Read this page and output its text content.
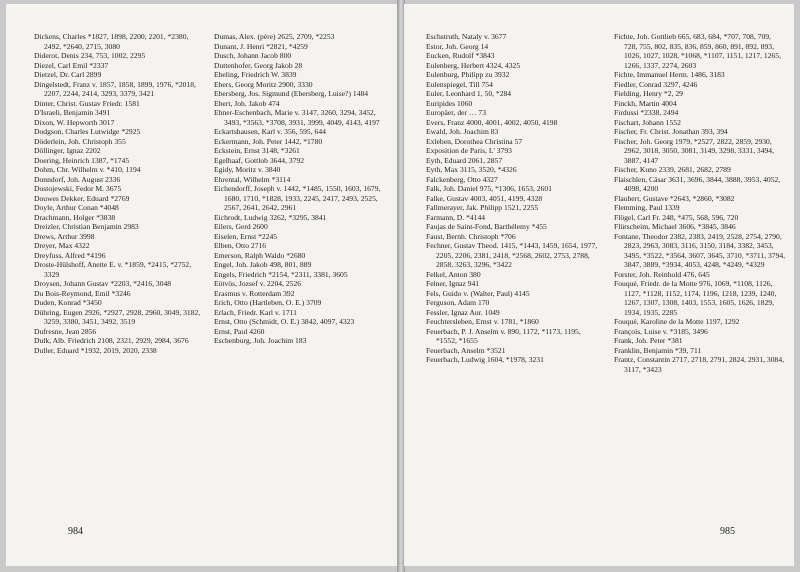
Dickens, Charles *1827, 1898, 2200, 2201, *2380, 2492, *2640, 2715, 3080

Diderot, Denis 234, 753, 1002, 2295

Diezel, Carl Emil *2337

Dietzel, Dr. Carl 2899

Dingelstedt, Franz v. 1857, 1858, 1899, 1976, *2018, 2207, 2244, 2414, 3293, 3379, 3421

Dinter, Christ. Gustav Friedr. 1581

D'Israeli, Benjamin 3491

Dixon, W. Hepworth 3017

Dodgson, Charles Lutwidge *2925

Döderlein, Joh. Christoph 355

Döllinger, Ignaz 2202

Doering, Heinrich 1387, *1745

Dohm, Chr. Wilhelm v. *410, 1194

Donndorf, Joh. August 2336

Dostojewski, Fedor M. 3675

Douwes Dekker, Eduard *2769

Doyle, Arthur Conan *4048

Drachmann, Holger *3838

Dreizler, Christian Benjamin 2983

Drews, Arthur 3998

Dreyer, Max 4322

Dreyfuss, Alfred *4196

Droste-Hülshoff, Anette E. v. *1859, *2415, *2752, 3329

Droysen, Johann Gustav *2203, *2416, 3048

Du Bois-Reymond, Emil *3246

Duden, Konrad *3450

Dühring, Eugen 2926, *2927, 2928, 2960, 3049, 3182, 3259, 3380, 3451, 3492, 3519

Dufresne, Jean 2856

Dulk, Alb. Friedrich 2108, 2321, 2929, 2984, 3676

Duller, Eduard *1932, 2019, 2020, 2338

Dumas, Alex. (père) 2625, 2709, *2253

Dunant, J. Henri *2821, *4259

Dusch, Johann Jacob 800

Duttenhofer, Georg Jakob 28

Ebeling, Friedrich W. 3839

Ebers, Georg Moritz 2900, 3330

Ebersberg, Jos. Sigmund (Ebersberg, Luise?) 1484

Ebert, Joh. Jakob 474

Ebner-Eschenbach, Marie v. 3147, 3260, 3294, 3452, 3493, *3563, *3708, 3931, 3999, 4049, 4143, 4197

Eckartshausen, Karl v. 356, 595, 644

Eckermann, Joh. Peter 1442, *1780

Eckstein, Ernst 3148, *3261

Egelhaaf, Gottlob 3644, 3792

Egidy, Moritz v. 3840

Ehrental, Wilhelm *3114

Eichendorff, Joseph v. 1442, *1485, 1550, 1603, 1679, 1680, 1710, *1828, 1933, 2245, 2417, 2493, 2525, 2567, 2641, 2642, 2961

Eichrodt, Ludwig 3262, *3295, 3841

Eilers, Gerd 2600

Eiselen, Ernst *2245

Elben, Otto 2716

Emerson, Ralph Waldo *2680

Engel, Joh. Jakob 498, 801, 889

Engels, Friedrich *2154, *2311, 3381, 3605

Eötvös, Jozsef v. 2204, 2526

Erasmus v. Rotterdam 392

Erich, Otto (Hartleben, O. E.) 3709

Erlach, Friedr. Karl v. 1711

Ernst, Otto (Schmidt, O. E.) 3842, 4097, 4323

Ernst, Paul 4260

Eschenburg, Joh. Joachim 183

984

Eschstruth, Nataly v. 3677

Estor, Joh. Georg 14

Eucken, Rudolf *3843

Eulenberg, Herbert 4324, 4325

Eulenburg, Philipp zu 3932

Eulenspiegel, Till 754

Euler, Leonhard 1, 50, *284

Euripides 1060

Europäer, der … 73

Evers, Franz 4000, 4001, 4002, 4050, 4198

Ewald, Joh. Joachim 83

Exleben, Dorothea Christina 57

Exposition de Paris, L' 3793

Eyth, Eduard 2061, 2857

Eyth, Max 3115, 3520, *4326

Falckenberg, Otto 4327

Falk, Joh. Daniel 975, *1306, 1653, 2601

Falke, Gustav 4003, 4051, 4199, 4328

Fallmerayer, Jak. Philipp 1521, 2255

Farmann, D. *4144

Faujas de Saint-Fond, Barthélemy *455

Faust, Bernh. Christoph *706

Fechner, Gustav Theod. 1415, *1443, 1459, 1654, 1977, 2205, 2206, 2381, 2418, *2568, 2602, 2753, 2788, 2858, 3263, 3296, *3422

Felkel, Anton 380

Felner, Ignaz 941

Fels, Guido v. (Walter, Paul) 4145

Ferguson, Adam 170

Fessler, Ignaz Aur. 1049

Feuchtersleben, Ernst v. 1781, *1860

Feuerbach, P. J. Anselm v. 890, 1172, *1173, 1195, *1552, *1655

Feuerbach, Anselm *3521

Feuerbach, Ludwig 1604, *1978, 3231

Fichte, Joh. Gottlieb 665, 683, 684, *707, 708, 709, 728, 755, 802, 835, 836, 859, 860, 891, 892, 893, 1026, 1027, 1028, *1068, *1107, 1151, 1217, 1265, 1266, 1337, 2274, 2603

Fichte, Immanuel Herm. 1486, 3183

Fiedler, Conrad 3297, 4246

Fielding, Henry *2, 29

Finckh, Martin 4004

Firdussi *2338, 2494

Fischart, Johann 1552

Fischer, Fr. Christ. Jonathan 393, 394

Fischer, Joh. Georg 1979, *2527, 2822, 2859, 2930, 2962, 3018, 3050, 3081, 3149, 3298, 3331, 3494, 3887, 4147

Fischer, Kuno 2339, 2681, 2682, 2789

Flaischlen, Cäsar 3631, 3696, 3844, 3888, 3953, 4052, 4098, 4200

Flaubert, Gustave *2643, *2860, *3082

Flemming, Paul 1339

Flögel, Carl Fr. 248, *475, 568, 596, 720

Flürscheim, Michael 3606, *3845, 3846

Fontane, Theodor 2382, 2383, 2419, 2528, 2754, 2790, 2823, 2963, 3083, 3116, 3150, 3184, 3382, 3453, 3495, *3522, *3564, 3607, 3645, 3710, *3711, 3794, 3847, 3889, *3934, 4053, 4248, *4249, *4329

Forster, Joh. Reinhold 476, 645

Fouqué, Friedr. de la Motte 976, 1069, *1108, 1126, 1127, *1128, 1152, 1174, 1196, 1218, 1239, 1240, 1267, 1307, 1308, 1403, 1553, 1605, 1626, 1829, 1934, 1935, 2285

Fouqué, Karoline de la Motte 1197, 1292

François, Luise v. *3185, 3496

Frank, Joh. Peter *381

Franklin, Benjamin *39, 711

Frantz, Constantin 2717, 2718, 2791, 2824, 2931, 3084, 3117, *3423

985
